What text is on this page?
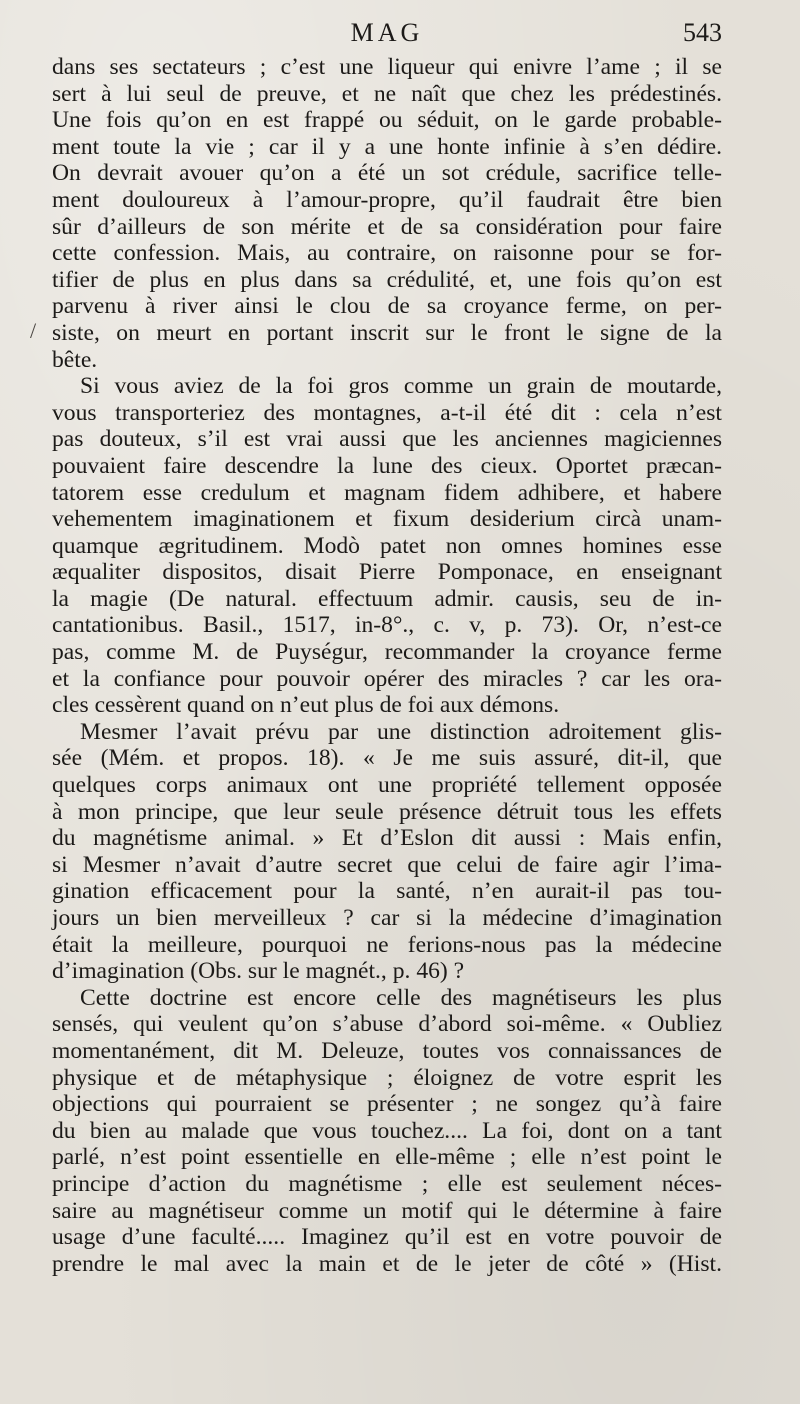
MAG	543
/

dans ses sectateurs ; c’est une liqueur qui enivre l’ame ; il se
sert à lui seul de preuve, et ne naît que chez les prédestinés.
Une fois qu’on en est frappé ou séduit, on le garde probable-
ment toute la vie ; car il y a une honte infinie à s’en dédire.
On devrait avouer qu’on a été un sot crédule, sacrifice telle-
ment douloureux à l’amour-propre, qu’il faudrait être bien
sûr d’ailleurs de son mérite et de sa considération pour faire
cette confession. Mais, au contraire, on raisonne pour se for-
tifier de plus en plus dans sa crédulité, et, une fois qu’on est
parvenu à river ainsi le clou de sa croyance ferme, on per-
siste, on meurt en portant inscrit sur le front le signe de la
bête.

Si vous aviez de la foi gros comme un grain de moutarde,
vous transporteriez des montagnes, a-t-il été dit : cela n’est
pas douteux, s’il est vrai aussi que les anciennes magiciennes
pouvaient faire descendre la lune des cieux. Oportet præcan-
tatorem esse credulum et magnam fidem adhibere, et habere
vehementem imaginationem et fixum desiderium circà unam-
quamque ægritudinem. Modò patet non omnes homines esse
æqualiter dispositos, disait Pierre Pomponace, en enseignant
la magie (De natural. effectuum admir. causis, seu de in-
cantationibus. Basil., 1517, in-8°., c. v, p. 73). Or, n’est-ce
pas, comme M. de Puységur, recommander la croyance ferme
et la confiance pour pouvoir opérer des miracles ? car les ora-
cles cessèrent quand on n’eut plus de foi aux démons.

Mesmer l’avait prévu par une distinction adroitement glis-
sée (Mém. et propos. 18). « Je me suis assuré, dit-il, que
quelques corps animaux ont une propriété tellement opposée
à mon principe, que leur seule présence détruit tous les effets
du magnétisme animal. » Et d’Eslon dit aussi : Mais enfin,
si Mesmer n’avait d’autre secret que celui de faire agir l’ima-
gination efficacement pour la santé, n’en aurait-il pas tou-
jours un bien merveilleux ? car si la médecine d’imagination
était la meilleure, pourquoi ne ferions-nous pas la médecine
d’imagination (Obs. sur le magnét., p. 46) ?

Cette doctrine est encore celle des magnétiseurs les plus
sensés, qui veulent qu’on s’abuse d’abord soi-même. « Oubliez
momentanément, dit M. Deleuze, toutes vos connaissances de
physique et de métaphysique ; éloignez de votre esprit les
objections qui pourraient se présenter ; ne songez qu’à faire
du bien au malade que vous touchez.... La foi, dont on a tant
parlé, n’est point essentielle en elle-même ; elle n’est point le
principe d’action du magnétisme ; elle est seulement néces-
saire au magnétiseur comme un motif qui le détermine à faire
usage d’une faculté..... Imaginez qu’il est en votre pouvoir de
prendre le mal avec la main et de le jeter de côté » (Hist.
